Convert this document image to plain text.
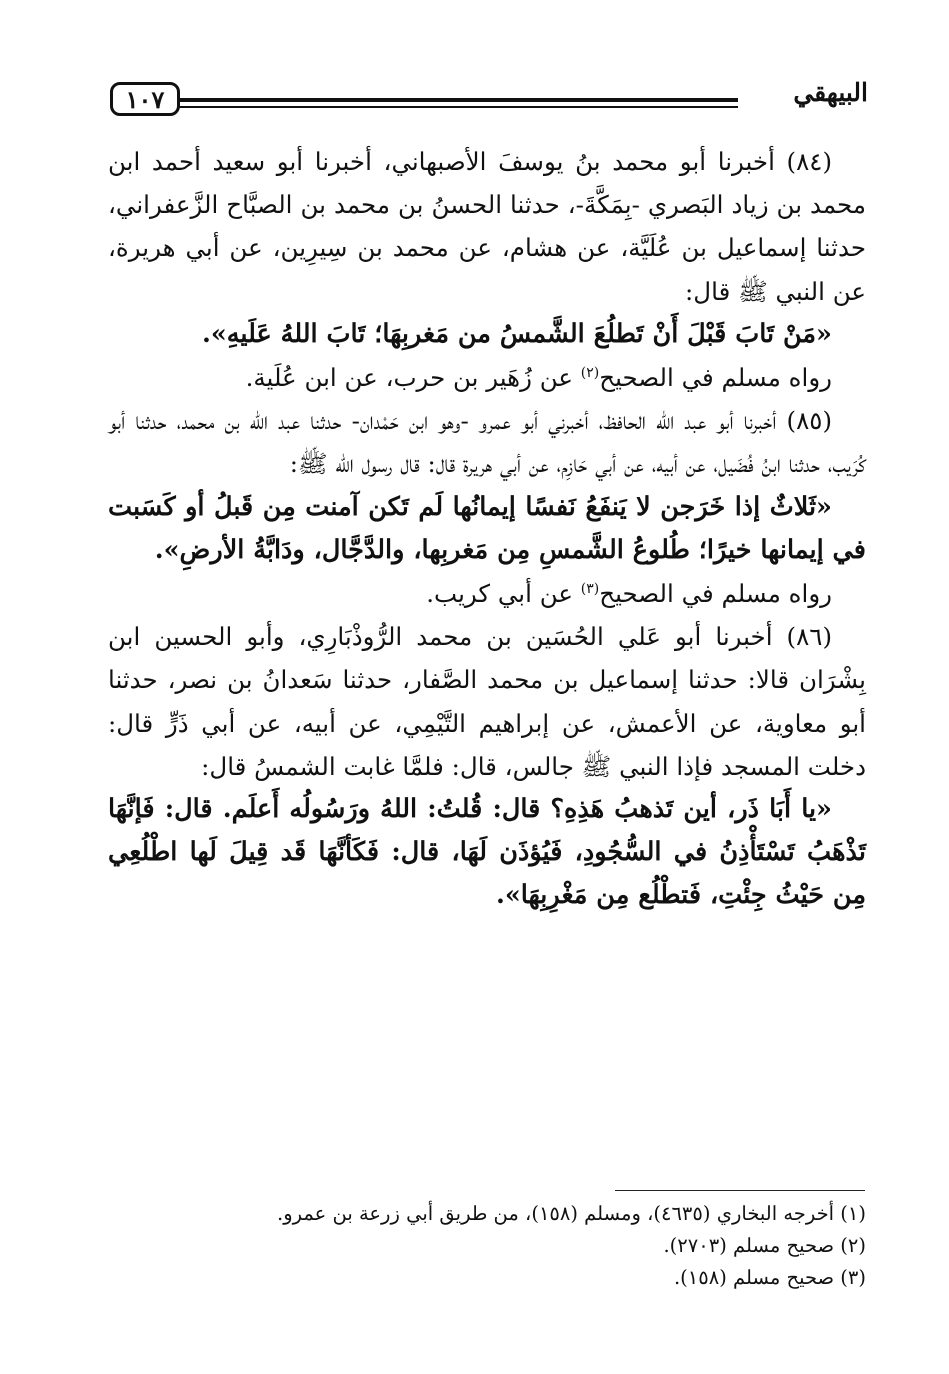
١٠٧	البيهقي

(٨٤) أخبرنا أبو محمد بنُ يوسفَ الأصبهاني، أخبرنا أبو سعيد أحمد ابن محمد بن زياد البَصري -بِمَكَّةَ-، حدثنا الحسنُ بن محمد بن الصبَّاح الزَّعفراني، حدثنا إسماعيل بن عُلَيَّة، عن هشام، عن محمد بن سِيرِين، عن أبي هريرة، عن النبي ﷺ قال:

«مَنْ تَابَ قَبْلَ أَنْ تَطلُعَ الشَّمسُ من مَغربِهَا؛ تَابَ اللهُ عَلَيهِ».

رواه مسلم في الصحيح$^{(٢)}$ عن زُهَير بن حرب، عن ابن عُلَية.

(٨٥) أخبرنا أبو عبد الله الحافظ، أخبرني أبو عمرو -وهو ابن حَمْدان- حدثنا عبد الله بن محمد، حدثنا أبو كُرَيب، حدثنا ابنُ فُضَيل، عن أبيه، عن أبي حَازِم، عن أبي هريرة قال: قال رسول الله ﷺ:

«ثَلاثٌ إذا خَرَجن لا يَنفَعُ نَفسًا إيمانُها لَم تَكن آمنت مِن قَبلُ أو كَسَبت في إيمانها خيرًا؛ طُلوعُ الشَّمسِ مِن مَغربِها، والدَّجَّال، ودَابَّةُ الأرضِ».

رواه مسلم في الصحيح$^{(٣)}$ عن أبي كريب.

(٨٦) أخبرنا أبو عَلي الحُسَين بن محمد الرُّوذْبَارِي، وأبو الحسين ابن بِشْرَان قالا: حدثنا إسماعيل بن محمد الصَّفار، حدثنا سَعدانُ بن نصر، حدثنا أبو معاوية، عن الأعمش، عن إبراهيم التَّيْمِي، عن أبيه، عن أبي ذَرٍّ قال: دخلت المسجد فإذا النبي ﷺ جالس، قال: فلمَّا غابت الشمسُ قال:

«يا أَبَا ذَر، أين تَذهبُ هَذِهِ؟ قال: قُلتُ: اللهُ ورَسُولُه أَعلَم. قال: فَإنَّهَا تَذْهَبُ تَسْتَأْذِنُ في السُّجُودِ، فَيُؤذَن لَهَا، قال: فَكَأنَّهَا قَد قِيلَ لَها اطْلُعِي مِن حَيْثُ جِئْتِ، فَتطْلُع مِن مَغْرِبِهَا».

(١) أخرجه البخاري (٤٦٣٥)، ومسلم (١٥٨)، من طريق أبي زرعة بن عمرو.

(٢) صحيح مسلم (٢٧٠٣).

(٣) صحيح مسلم (١٥٨).
